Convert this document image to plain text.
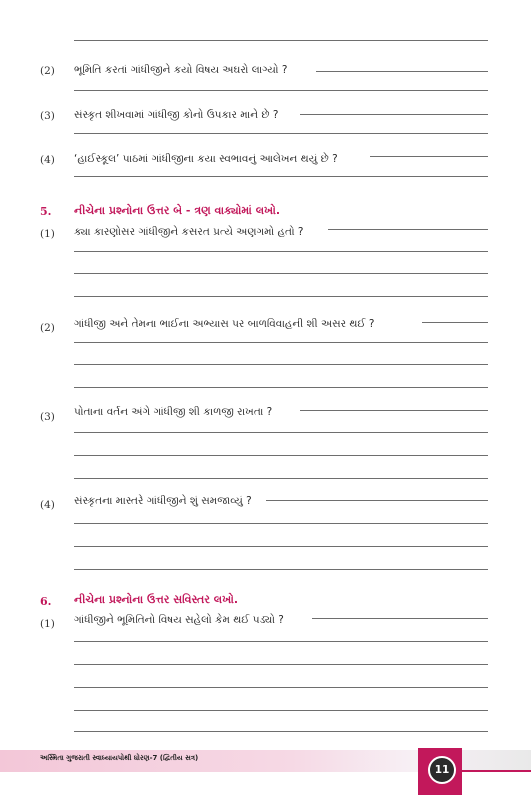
(2) ભૂમિતિ કરતાં ગાંધીજીને કયો વિષય અઘરો લાગ્યો ?
(3) સંસ્કૃત શીખવામાં ગાંધીજી કોનો ઉપકાર માને છે ?
(4) ‘હાઈસ્કૂલ’ પાઠમાં ગાંધીજીના કયા સ્વભાવનું આલેખન થયું છે ?
5. નીચેના પ્રશ્નોના ઉત્તર બે - ત્રણ વાક્યોમાં લખો.
(1) ક્યા કારણોસર ગાંધીજીને કસરત પ્રત્યે અણગમો હતો ?
(2) ગાંધીજી અને તેમના ભાઈના અભ્યાસ પર બાળવિવાહની શી અસર થઈ ?
(3) પોતાના વર્તન અંગે ગાંધીજી શી કાળજી રાખતા ?
(4) સંસ્કૃતના માસ્તરે ગાંધીજીને શું સમજાવ્યું ?
6. નીચેના પ્રશ્નોના ઉત્તર સવિસ્તર લખો.
(1) ગાંધીજીને ભૂમિતિનો વિષય સહેલો કેમ થઈ પડ્યો ?
અસ્મિતા ગુજરાતી સ્વાધ્યાયપોથી ધોરણ-7 (દ્વિતીય સત્ર)
11
